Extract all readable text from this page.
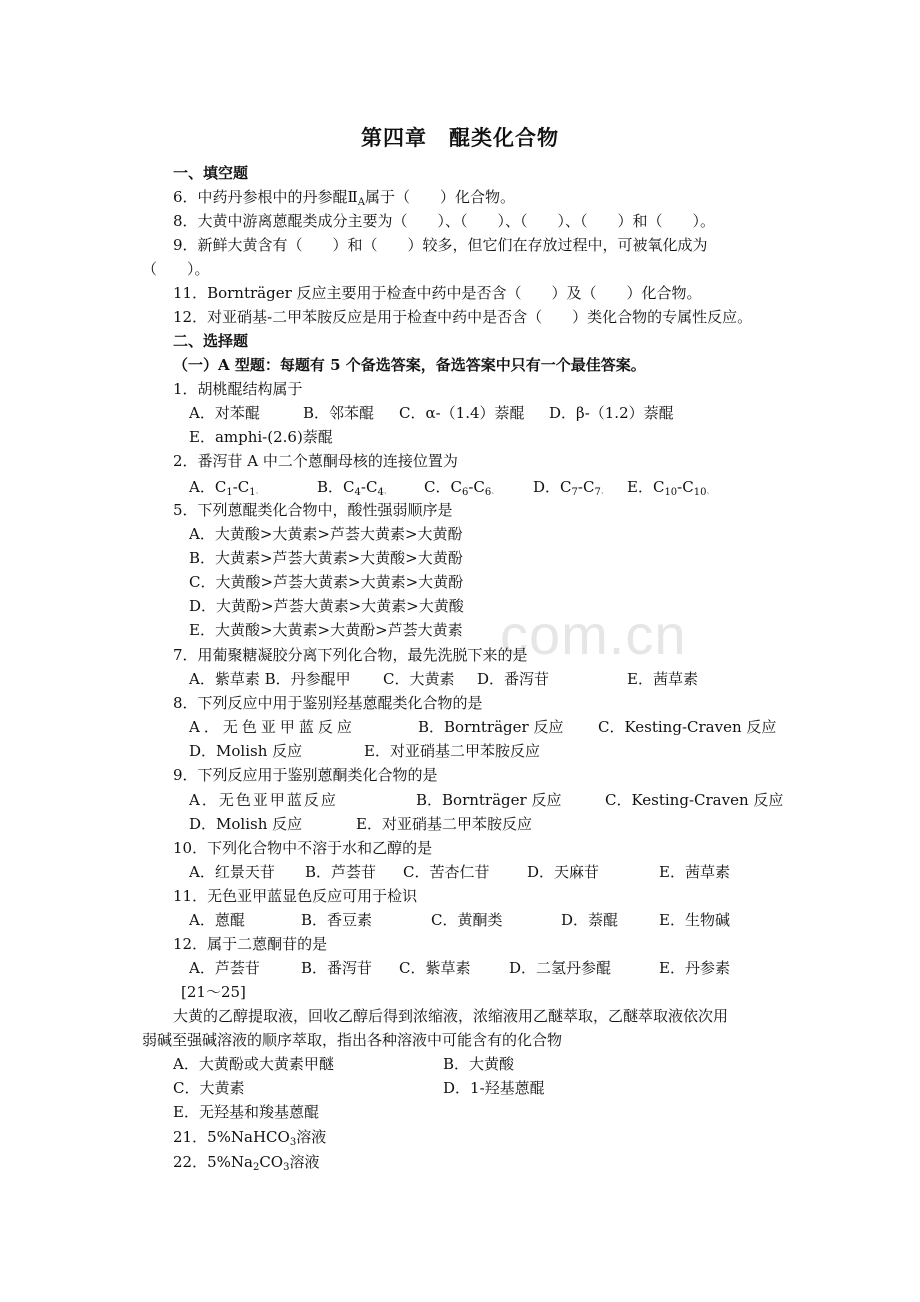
com.cn
第四章　醌类化合物
一、填空题
6．中药丹参根中的丹参醌$Ⅱ_A$属于（　　）化合物。
8．大黄中游离蒽醌类成分主要为（　　）、（　　）、（　　）、（　　）和（　　）。
9．新鲜大黄含有（　　）和（　　）较多，但它们在存放过程中，可被氧化成为
（　　）。
11．Bornträger 反应主要用于检查中药中是否含（　　）及（　　）化合物。
12．对亚硝基-二甲苯胺反应是用于检查中药中是否含（　　）类化合物的专属性反应。
二、选择题
（一）A 型题：每题有 5 个备选答案，备选答案中只有一个最佳答案。
1．胡桃醌结构属于
A．对苯醌	B．邻苯醌 C．α-（1.4）萘醌 D．β-（1.2）萘醌
E．amphi-(2.6)萘醌
2．番泻苷 A 中二个蒽酮母核的连接位置为
A．$C_1-C_1ˏ$	B．$C_4-C_4ˏ$ C．$C_6-C_6ˏ$	D．$C_7-C_7ˏ$ E．$C_{10}-C_{10}ˏ$
5．下列蒽醌类化合物中，酸性强弱顺序是
A．大黄酸>大黄素>芦荟大黄素>大黄酚
B．大黄素>芦荟大黄素>大黄酸>大黄酚
C．大黄酸>芦荟大黄素>大黄素>大黄酚
D．大黄酚>芦荟大黄素>大黄素>大黄酸
E．大黄酸>大黄素>大黄酚>芦荟大黄素
7．用葡聚糖凝胶分离下列化合物，最先洗脱下来的是
A．紫草素 B．丹参醌甲 C．大黄素 D．番泻苷	E．茜草素
8．下列反应中用于鉴别羟基蒽醌类化合物的是
A．无色亚甲蓝反应	B．Bornträger 反应 C．Kesting-Craven 反应
D．Molish 反应	E．对亚硝基二甲苯胺反应
9．下列反应用于鉴别蒽酮类化合物的是
A．无色亚甲蓝反应	B．Bornträger 反应	C．Kesting-Craven 反应
D．Molish 反应	E．对亚硝基二甲苯胺反应
10．下列化合物中不溶于水和乙醇的是
A．红景天苷 B．芦荟苷 C．苦杏仁苷	D．天麻苷	E．茜草素
11．无色亚甲蓝显色反应可用于检识
A．蒽醌	B．香豆素	C．黄酮类	D．萘醌	E．生物碱
12．属于二蒽酮苷的是
A．芦荟苷	B．番泻苷 C．紫草素	D．二氢丹参醌	E．丹参素
[21～25]
大黄的乙醇提取液，回收乙醇后得到浓缩液，浓缩液用乙醚萃取，乙醚萃取液依次用
弱碱至强碱溶液的顺序萃取，指出各种溶液中可能含有的化合物
A．大黄酚或大黄素甲醚	B．大黄酸
C．大黄素	D．1-羟基蒽醌
E．无羟基和羧基蒽醌
21．5%NaHCO$_3$溶液
22．$5\%Na_2CO_3$溶液
